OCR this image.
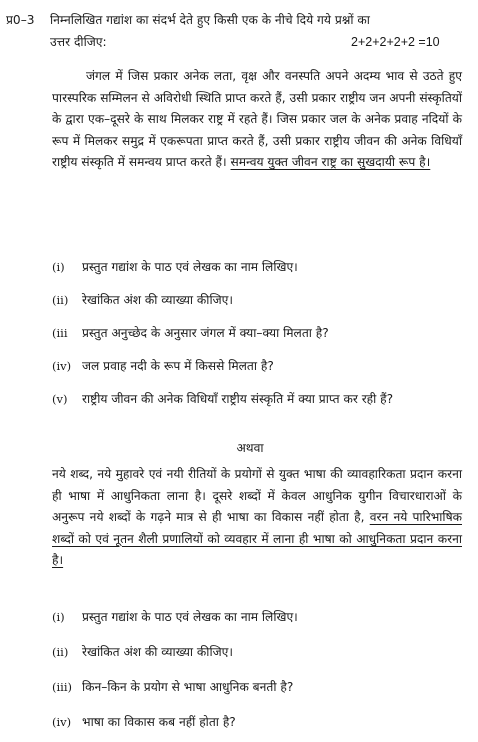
प्र0–3 निम्नलिखित गद्यांश का संदर्भ देते हुए किसी एक के नीचे दिये गये प्रश्नों का
उत्तर दीजिए:	2+2+2+2+2 =10
जंगल में जिस प्रकार अनेक लता, वृक्ष और वनस्पति अपने अदम्य भाव से उठते हुए पारस्परिक सम्मिलन से अविरोधी स्थिति प्राप्त करते हैं, उसी प्रकार राष्ट्रीय जन अपनी संस्कृतियों के द्वारा एक–दूसरे के साथ मिलकर राष्ट्र में रहते हैं। जिस प्रकार जल के अनेक प्रवाह नदियों के रूप में मिलकर समुद्र में एकरूपता प्राप्त करते हैं, उसी प्रकार राष्ट्रीय जीवन की अनेक विधियाँ राष्ट्रीय संस्कृति में समन्वय प्राप्त करते हैं। समन्वय युक्त जीवन राष्ट्र का सुखदायी रूप है।
(i)	प्रस्तुत गद्यांश के पाठ एवं लेखक का नाम लिखिए।
(ii)	रेखांकित अंश की व्याख्या कीजिए।
(iii	प्रस्तुत अनुच्छेद के अनुसार जंगल में क्या–क्या मिलता है?
(iv) जल प्रवाह नदी के रूप में किससे मिलता है?
(v)	राष्ट्रीय जीवन की अनेक विधियाँ राष्ट्रीय संस्कृति में क्या प्राप्त कर रही हैं?
अथवा
नये शब्द, नये मुहावरे एवं नयी रीतियों के प्रयोगों से युक्त भाषा की व्यावहारिकता प्रदान करना ही भाषा में आधुनिकता लाना है। दूसरे शब्दों में केवल आधुनिक युगीन विचारधाराओं के अनुरूप नये शब्दों के गढ़ने मात्र से ही भाषा का विकास नहीं होता है, वरन नये पारिभाषिक शब्दों को एवं नूतन शैली प्रणालियों को व्यवहार में लाना ही भाषा को आधुनिकता प्रदान करना है।
(i)	प्रस्तुत गद्यांश के पाठ एवं लेखक का नाम लिखिए।
(ii)	रेखांकित अंश की व्याख्या कीजिए।
(iii) किन–किन के प्रयोग से भाषा आधुनिक बनती है?
(iv) भाषा का विकास कब नहीं होता है?
